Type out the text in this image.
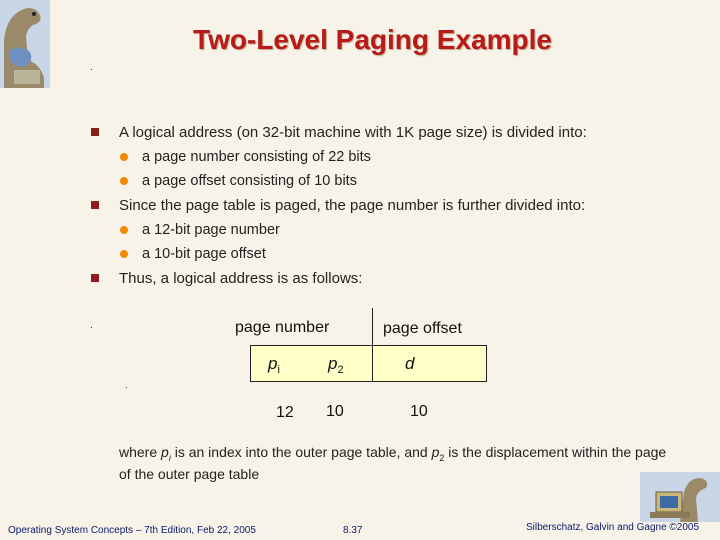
Two-Level Paging Example
.
A logical address (on 32-bit machine with 1K page size) is divided into:
a page number consisting of 22 bits
a page offset consisting of 10 bits
Since the page table is paged, the page number is further divided into:
a 12-bit page number
a 10-bit page offset
Thus, a logical address is as follows:
.
.
page number	page offset
$p_i$	$p_2$	d
12 10	10
where $p_i$ is an index into the outer page table, and $p_2$ is the displacement within the page of the outer page table
Operating System Concepts – 7th Edition, Feb 22, 2005	8.37	Silberschatz, Galvin and Gagne ©2005
